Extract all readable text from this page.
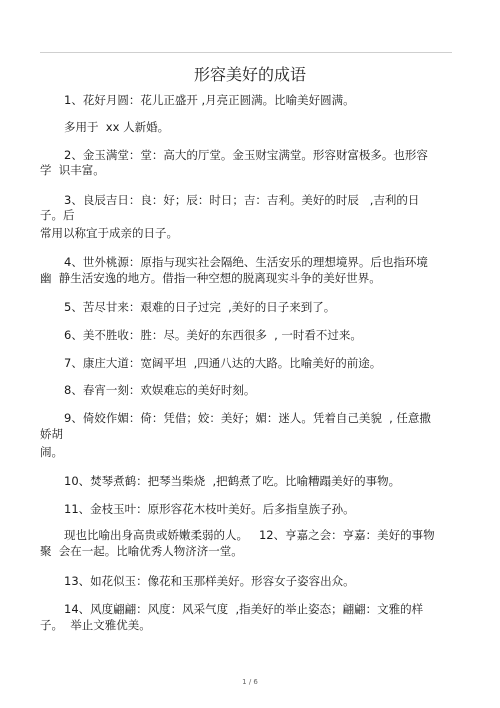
形容美好的成语
1、花好月圆：花儿正盛开 ,月亮正圆满。比喻美好圆满。
多用于  xx 人新婚。
2、金玉满堂：堂：高大的厅堂。金玉财宝满堂。形容财富极多。也形容
学  识丰富。
3、良辰吉日：良：好；辰：时日；吉：吉利。美好的时辰   ,吉利的日
子。后
常用以称宜于成亲的日子。
4、世外桃源：原指与现实社会隔绝、生活安乐的理想境界。后也指环境
幽  静生活安逸的地方。借指一种空想的脱离现实斗争的美好世界。
5、苦尽甘来：艰难的日子过完  ,美好的日子来到了。
6、美不胜收：胜：尽。美好的东西很多  , 一时看不过来。
7、康庄大道：宽阔平坦  ,四通八达的大路。比喻美好的前途。
8、春宵一刻：欢娱难忘的美好时刻。
9、倚姣作媚：倚：凭借；姣：美好；媚：迷人。凭着自己美貌  , 任意撒
娇胡
闹。
10、焚琴煮鹤：把琴当柴烧  ,把鹤煮了吃。比喻糟蹋美好的事物。
11、金枝玉叶：原形容花木枝叶美好。后多指皇族子孙。
现也比喻出身高贵或娇嫩柔弱的人。   12、亨嘉之会：亨嘉：美好的事物
聚  会在一起。比喻优秀人物济济一堂。
13、如花似玉：像花和玉那样美好。形容女子姿容出众。
14、风度翩翩：风度：风采气度  ,指美好的举止姿态；翩翩：文雅的样
子。  举止文雅优美。
1 / 6
